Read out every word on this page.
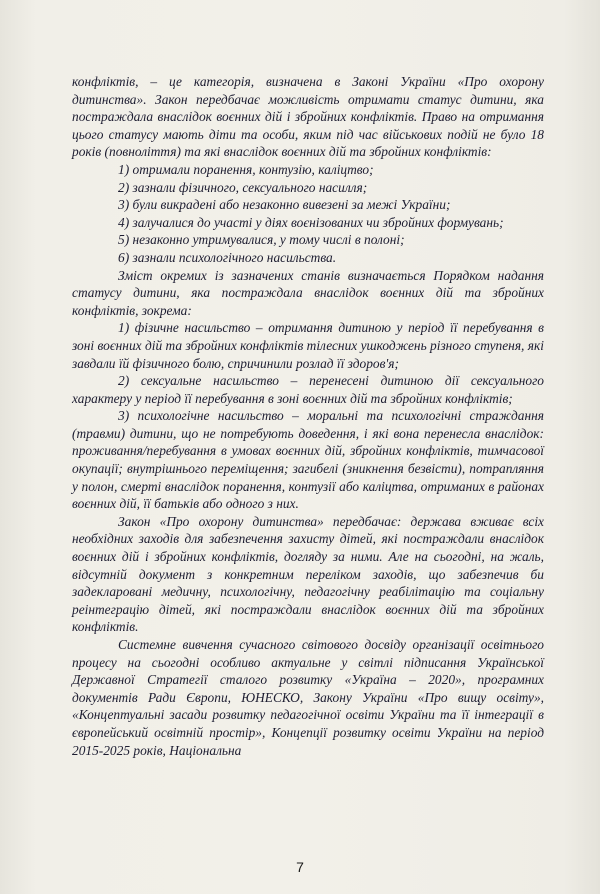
конфліктів, – це категорія, визначена в Законі України «Про охорону дитинства». Закон передбачає можливість отримати статус дитини, яка постраждала внаслідок воєнних дій і збройних конфліктів. Право на отримання цього статусу мають діти та особи, яким під час військових подій не було 18 років (повноліття) та які внаслідок воєнних дій та збройних конфліктів:

1) отримали поранення, контузію, каліцтво;

2) зазнали фізичного, сексуального насилля;

3) були викрадені або незаконно вивезені за межі України;

4) залучалися до участі у діях воєнізованих чи збройних формувань;

5) незаконно утримувалися, у тому числі в полоні;

6) зазнали психологічного насильства.

Зміст окремих із зазначених станів визначається Порядком надання статусу дитини, яка постраждала внаслідок воєнних дій та збройних конфліктів, зокрема:

1) фізичне насильство – отримання дитиною у період її перебування в зоні воєнних дій та збройних конфліктів тілесних ушкоджень різного ступеня, які завдали їй фізичного болю, спричинили розлад її здоров'я;

2) сексуальне насильство – перенесені дитиною дії сексуального характеру у період її перебування в зоні воєнних дій та збройних конфліктів;

3) психологічне насильство – моральні та психологічні страждання (травми) дитини, що не потребують доведення, і які вона перенесла внаслідок: проживання/перебування в умовах воєнних дій, збройних конфліктів, тимчасової окупації; внутрішнього переміщення; загибелі (зникнення безвісти), потрапляння у полон, смерті внаслідок поранення, контузії або каліцтва, отриманих в районах воєнних дій, її батьків або одного з них.

Закон «Про охорону дитинства» передбачає: держава вживає всіх необхідних заходів для забезпечення захисту дітей, які постраждали внаслідок воєнних дій і збройних конфліктів, догляду за ними. Але на сьогодні, на жаль, відсутній документ з конкретним переліком заходів, що забезпечив би задекларовані медичну, психологічну, педагогічну реабілітацію та соціальну реінтеграцію дітей, які постраждали внаслідок воєнних дій та збройних конфліктів.

Системне вивчення сучасного світового досвіду організації освітнього процесу на сьогодні особливо актуальне у світлі підписання Української Державної Стратегії сталого розвитку «Україна – 2020», програмних документів Ради Європи, ЮНЕСКО, Закону України «Про вищу освіту», «Концептуальні засади розвитку педагогічної освіти України та її інтеграції в європейський освітній простір», Концепції розвитку освіти України на період 2015-2025 років, Національна

7
